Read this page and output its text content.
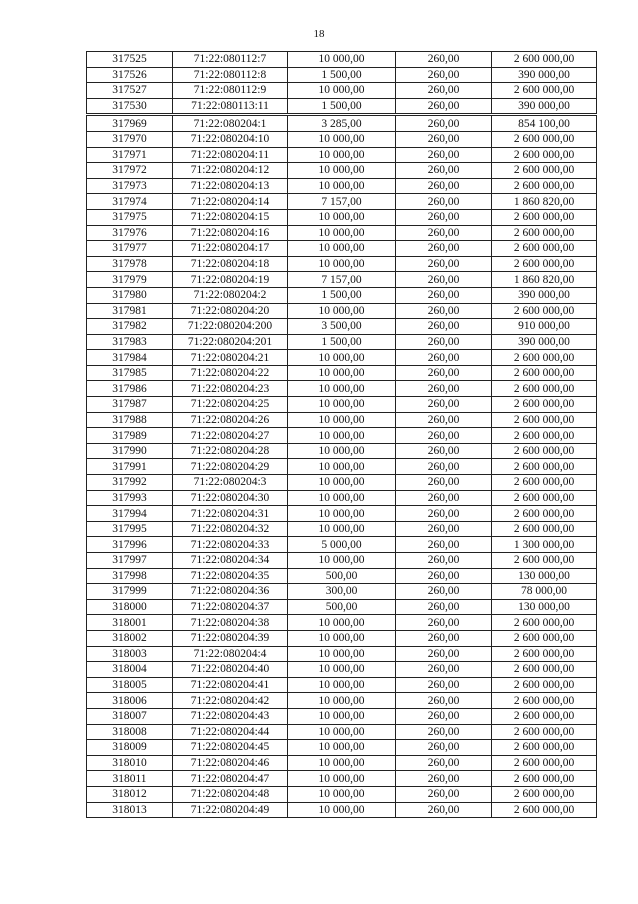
18
317525	71:22:080112:7	10 000,00	260,00	2 600 000,00
317526	71:22:080112:8	1 500,00	260,00	390 000,00
317527	71:22:080112:9	10 000,00	260,00	2 600 000,00
317530	71:22:080113:11	1 500,00	260,00	390 000,00
317969	71:22:080204:1	3 285,00	260,00	854 100,00
317970	71:22:080204:10	10 000,00	260,00	2 600 000,00
317971	71:22:080204:11	10 000,00	260,00	2 600 000,00
317972	71:22:080204:12	10 000,00	260,00	2 600 000,00
317973	71:22:080204:13	10 000,00	260,00	2 600 000,00
317974	71:22:080204:14	7 157,00	260,00	1 860 820,00
317975	71:22:080204:15	10 000,00	260,00	2 600 000,00
317976	71:22:080204:16	10 000,00	260,00	2 600 000,00
317977	71:22:080204:17	10 000,00	260,00	2 600 000,00
317978	71:22:080204:18	10 000,00	260,00	2 600 000,00
317979	71:22:080204:19	7 157,00	260,00	1 860 820,00
317980	71:22:080204:2	1 500,00	260,00	390 000,00
317981	71:22:080204:20	10 000,00	260,00	2 600 000,00
317982	71:22:080204:200	3 500,00	260,00	910 000,00
317983	71:22:080204:201	1 500,00	260,00	390 000,00
317984	71:22:080204:21	10 000,00	260,00	2 600 000,00
317985	71:22:080204:22	10 000,00	260,00	2 600 000,00
317986	71:22:080204:23	10 000,00	260,00	2 600 000,00
317987	71:22:080204:25	10 000,00	260,00	2 600 000,00
317988	71:22:080204:26	10 000,00	260,00	2 600 000,00
317989	71:22:080204:27	10 000,00	260,00	2 600 000,00
317990	71:22:080204:28	10 000,00	260,00	2 600 000,00
317991	71:22:080204:29	10 000,00	260,00	2 600 000,00
317992	71:22:080204:3	10 000,00	260,00	2 600 000,00
317993	71:22:080204:30	10 000,00	260,00	2 600 000,00
317994	71:22:080204:31	10 000,00	260,00	2 600 000,00
317995	71:22:080204:32	10 000,00	260,00	2 600 000,00
317996	71:22:080204:33	5 000,00	260,00	1 300 000,00
317997	71:22:080204:34	10 000,00	260,00	2 600 000,00
317998	71:22:080204:35	500,00	260,00	130 000,00
317999	71:22:080204:36	300,00	260,00	78 000,00
318000	71:22:080204:37	500,00	260,00	130 000,00
318001	71:22:080204:38	10 000,00	260,00	2 600 000,00
318002	71:22:080204:39	10 000,00	260,00	2 600 000,00
318003	71:22:080204:4	10 000,00	260,00	2 600 000,00
318004	71:22:080204:40	10 000,00	260,00	2 600 000,00
318005	71:22:080204:41	10 000,00	260,00	2 600 000,00
318006	71:22:080204:42	10 000,00	260,00	2 600 000,00
318007	71:22:080204:43	10 000,00	260,00	2 600 000,00
318008	71:22:080204:44	10 000,00	260,00	2 600 000,00
318009	71:22:080204:45	10 000,00	260,00	2 600 000,00
318010	71:22:080204:46	10 000,00	260,00	2 600 000,00
318011	71:22:080204:47	10 000,00	260,00	2 600 000,00
318012	71:22:080204:48	10 000,00	260,00	2 600 000,00
318013	71:22:080204:49	10 000,00	260,00	2 600 000,00
